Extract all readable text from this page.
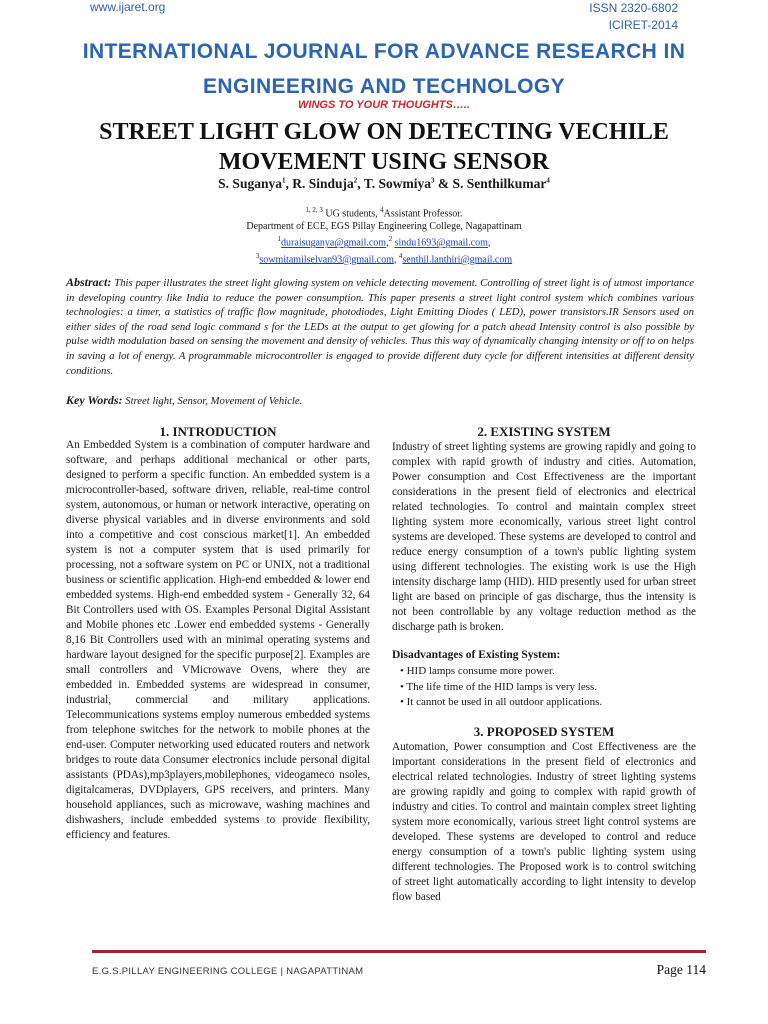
www.ijaret.org	ISSN 2320-6802
ICIRET-2014
INTERNATIONAL JOURNAL FOR ADVANCE RESEARCH IN
ENGINEERING AND TECHNOLOGY
WINGS TO YOUR THOUGHTS…..
STREET LIGHT GLOW ON DETECTING VECHILE MOVEMENT USING SENSOR
S. Suganya$^1$, R. Sinduja$^2$, T. Sowmiya$^3$ & S. Senthilkumar$^4$
$^{1, 2, 3}$ UG students, $^4$Assistant Professor.
Department of ECE, EGS Pillay Engineering College, Nagapattinam
$^1$duraisuganya@gmail.com,$^2$ sindu1693@gmail.com,
$^3$sowmitamilselvan93@gmail.com, $^4$senthil.lanthiri@gmail.com
Abstract: This paper illustrates the street light glowing system on vehicle detecting movement. Controlling of street light is of utmost importance in developing country like India to reduce the power consumption. This paper presents a street light control system which combines various technologies: a timer, a statistics of traffic flow magnitude, photodiodes, Light Emitting Diodes ( LED), power transistors.IR Sensors used on either sides of the road send logic command s for the LEDs at the output to get glowing for a patch ahead Intensity control is also possible by pulse width modulation based on sensing the movement and density of vehicles. Thus this way of dynamically changing intensity or off to on helps in saving a lot of energy. A programmable microcontroller is engaged to provide different duty cycle for different intensities at different density conditions.
Key Words: Street light, Sensor, Movement of Vehicle.
1. INTRODUCTION
An Embedded System is a combination of computer hardware and software, and perhaps additional mechanical or other parts, designed to perform a specific function. An embedded system is a microcontroller-based, software driven, reliable, real-time control system, autonomous, or human or network interactive, operating on diverse physical variables and in diverse environments and sold into a competitive and cost conscious market[1]. An embedded system is not a computer system that is used primarily for processing, not a software system on PC or UNIX, not a traditional business or scientific application. High-end embedded & lower end embedded systems. High-end embedded system - Generally 32, 64 Bit Controllers used with OS. Examples Personal Digital Assistant and Mobile phones etc .Lower end embedded systems - Generally 8,16 Bit Controllers used with an minimal operating systems and hardware layout designed for the specific purpose[2]. Examples are small controllers and VMicrowave Ovens, where they are embedded in. Embedded systems are widespread in consumer, industrial, commercial and military applications. Telecommunications systems employ numerous embedded systems from telephone switches for the network to mobile phones at the end-user. Computer networking used educated routers and network bridges to route data Consumer electronics include personal digital assistants (PDAs),mp3players,mobilephones, videogameco nsoles, digitalcameras, DVDplayers, GPS receivers, and printers. Many household appliances, such as microwave, washing machines and dishwashers, include embedded systems to provide flexibility, efficiency and features.
2. EXISTING SYSTEM
Industry of street lighting systems are growing rapidly and going to complex with rapid growth of industry and cities. Automation, Power consumption and Cost Effectiveness are the important considerations in the present field of electronics and electrical related technologies. To control and maintain complex street lighting system more economically, various street light control systems are developed. These systems are developed to control and reduce energy consumption of a town's public lighting system using different technologies. The existing work is use the High intensity discharge lamp (HID). HID presently used for urban street light are based on principle of gas discharge, thus the intensity is not been controllable by any voltage reduction method as the discharge path is broken.
Disadvantages of Existing System:
• HID lamps consume more power.
• The life time of the HID lamps is very less.
• It cannot be used in all outdoor applications.
3. PROPOSED SYSTEM
Automation, Power consumption and Cost Effectiveness are the important considerations in the present field of electronics and electrical related technologies. Industry of street lighting systems are growing rapidly and going to complex with rapid growth of industry and cities. To control and maintain complex street lighting system more economically, various street light control systems are developed. These systems are developed to control and reduce energy consumption of a town's public lighting system using different technologies. The Proposed work is to control switching of street light automatically according to light intensity to develop flow based
E.G.S.PILLAY ENGINEERING COLLEGE | NAGAPATTINAM	Page 114
